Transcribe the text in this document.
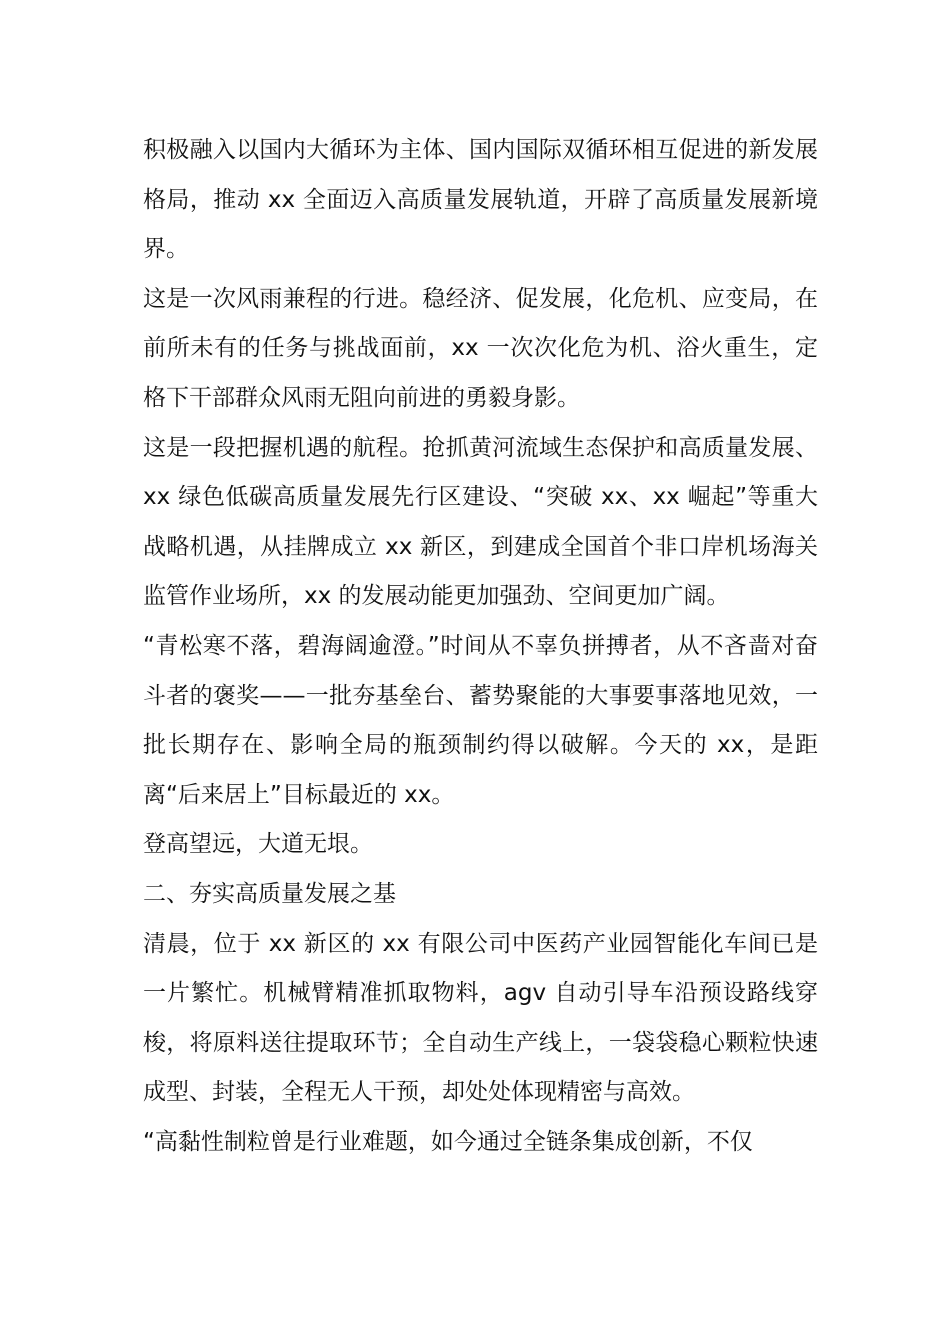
积极融入以国内大循环为主体、国内国际双循环相互促进的新发展格局，推动 xx 全面迈入高质量发展轨道，开辟了高质量发展新境界。

这是一次风雨兼程的行进。稳经济、促发展，化危机、应变局，在前所未有的任务与挑战面前，xx 一次次化危为机、浴火重生，定格下干部群众风雨无阻向前进的勇毅身影。

这是一段把握机遇的航程。抢抓黄河流域生态保护和高质量发展、xx 绿色低碳高质量发展先行区建设、“突破 xx、xx 崛起”等重大战略机遇，从挂牌成立 xx 新区，到建成全国首个非口岸机场海关监管作业场所，xx 的发展动能更加强劲、空间更加广阔。

“青松寒不落，碧海阔逾澄。”时间从不辜负拼搏者，从不吝啬对奋斗者的褒奖——一批夯基垒台、蓄势聚能的大事要事落地见效，一批长期存在、影响全局的瓶颈制约得以破解。今天的 xx，是距离“后来居上”目标最近的 xx。

登高望远，大道无垠。

二、夯实高质量发展之基

清晨，位于 xx 新区的 xx 有限公司中医药产业园智能化车间已是一片繁忙。机械臂精准抓取物料，agv 自动引导车沿预设路线穿梭，将原料送往提取环节；全自动生产线上，一袋袋稳心颗粒快速成型、封装，全程无人干预，却处处体现精密与高效。

“高黏性制粒曾是行业难题，如今通过全链条集成创新，不仅
